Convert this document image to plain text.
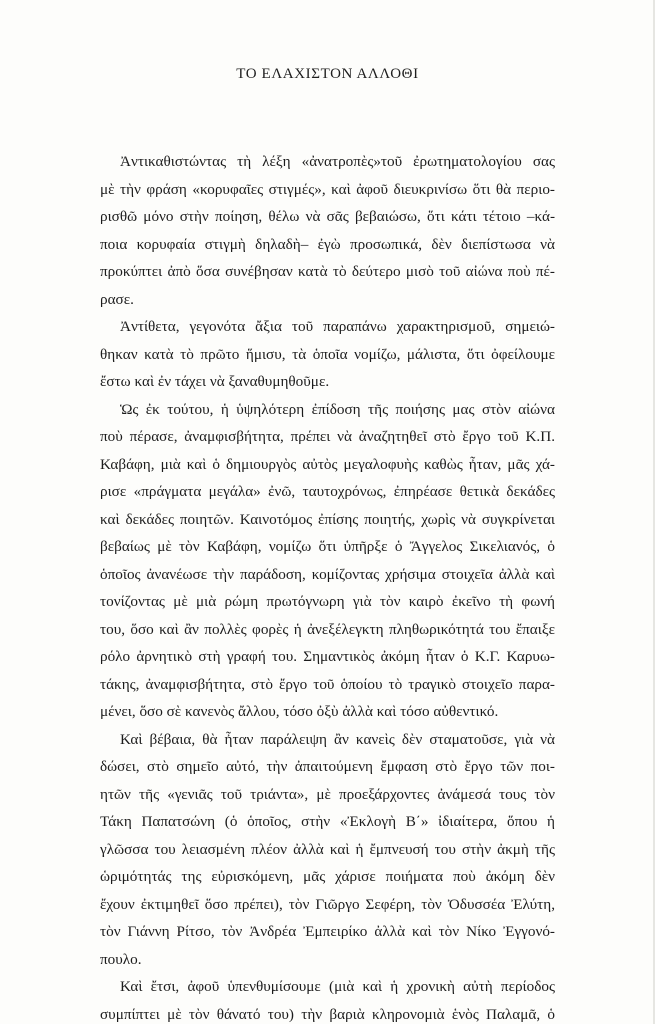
ΤΟ ΕΛΑΧΙΣΤΟΝ ΑΛΛΟΘΙ
Ἀντικαθιστώντας τὴ λέξη «ἀνατροπὲς»τοῦ ἐρωτηματολογίου σας
μὲ τὴν φράση «κορυφαῖες στιγμές», καὶ ἀφοῦ διευκρινίσω ὅτι θὰ περιο-
ρισθῶ μόνο στὴν ποίηση, θέλω νὰ σᾶς βεβαιώσω, ὅτι κάτι τέτοιο –κά-
ποια κορυφαία στιγμὴ δηλαδὴ– ἐγὼ προσωπικά, δὲν διεπίστωσα νὰ
προκύπτει ἀπὸ ὅσα συνέβησαν κατὰ τὸ δεύτερο μισὸ τοῦ αἰώνα ποὺ πέ-
ρασε.
Ἀντίθετα, γεγονότα ἄξια τοῦ παραπάνω χαρακτηρισμοῦ, σημειώ-
θηκαν κατὰ τὸ πρῶτο ἥμισυ, τὰ ὁποῖα νομίζω, μάλιστα, ὅτι ὀφείλουμε
ἔστω καὶ ἐν τάχει νὰ ξαναθυμηθοῦμε.
Ὡς ἐκ τούτου, ἡ ὑψηλότερη ἐπίδοση τῆς ποιήσης μας στὸν αἰώνα
ποὺ πέρασε, ἀναμφισβήτητα, πρέπει νὰ ἀναζητηθεῖ στὸ ἔργο τοῦ Κ.Π.
Καβάφη, μιὰ καὶ ὁ δημιουργὸς αὐτὸς μεγαλοφυὴς καθὼς ἦταν, μᾶς χά-
ρισε «πράγματα μεγάλα» ἐνῶ, ταυτοχρόνως, ἐπηρέασε θετικὰ δεκάδες
καὶ δεκάδες ποιητῶν. Καινοτόμος ἐπίσης ποιητής, χωρὶς νὰ συγκρίνεται
βεβαίως μὲ τὸν Καβάφη, νομίζω ὅτι ὑπῆρξε ὁ Ἄγγελος Σικελιανός, ὁ
ὁποῖος ἀνανέωσε τὴν παράδοση, κομίζοντας χρήσιμα στοιχεῖα ἀλλὰ καὶ
τονίζοντας μὲ μιὰ ρώμη πρωτόγνωρη γιὰ τὸν καιρὸ ἐκεῖνο τὴ φωνή
του, ὅσο καὶ ἂν πολλὲς φορὲς ἡ ἀνεξέλεγκτη πληθωρικότητά του ἔπαιξε
ρόλο ἀρνητικὸ στὴ γραφή του. Σημαντικὸς ἀκόμη ἦταν ὁ Κ.Γ. Καρυω-
τάκης, ἀναμφισβήτητα, στὸ ἔργο τοῦ ὁποίου τὸ τραγικὸ στοιχεῖο παρα-
μένει, ὅσο σὲ κανενὸς ἄλλου, τόσο ὀξὺ ἀλλὰ καὶ τόσο αὐθεντικό.
Καὶ βέβαια, θὰ ἦταν παράλειψη ἂν κανεὶς δὲν σταματοῦσε, γιὰ νὰ
δώσει, στὸ σημεῖο αὐτό, τὴν ἀπαιτούμενη ἔμφαση στὸ ἔργο τῶν ποι-
ητῶν τῆς «γενιᾶς τοῦ τριάντα», μὲ προεξάρχοντες ἀνάμεσά τους τὸν
Τάκη Παπατσώνη (ὁ ὁποῖος, στὴν «Ἐκλογὴ Β΄» ἰδιαίτερα, ὅπου ἡ
γλῶσσα του λειασμένη πλέον ἀλλὰ καὶ ἡ ἔμπνευσή του στὴν ἀκμὴ τῆς
ὡριμότητάς της εὐρισκόμενη, μᾶς χάρισε ποιήματα ποὺ ἀκόμη δὲν
ἔχουν ἐκτιμηθεῖ ὅσο πρέπει), τὸν Γιῶργο Σεφέρη, τὸν Ὀδυσσέα Ἐλύτη,
τὸν Γιάννη Ρίτσο, τὸν Ἀνδρέα Ἐμπειρίκο ἀλλὰ καὶ τὸν Νίκο Ἐγγονό-
πουλο.
Καὶ ἔτσι, ἀφοῦ ὑπενθυμίσουμε (μιὰ καὶ ἡ χρονικὴ αὐτὴ περίοδος
συμπίπτει μὲ τὸν θάνατό του) τὴν βαριὰ κληρονομιὰ ἑνὸς Παλαμᾶ, ὁ
